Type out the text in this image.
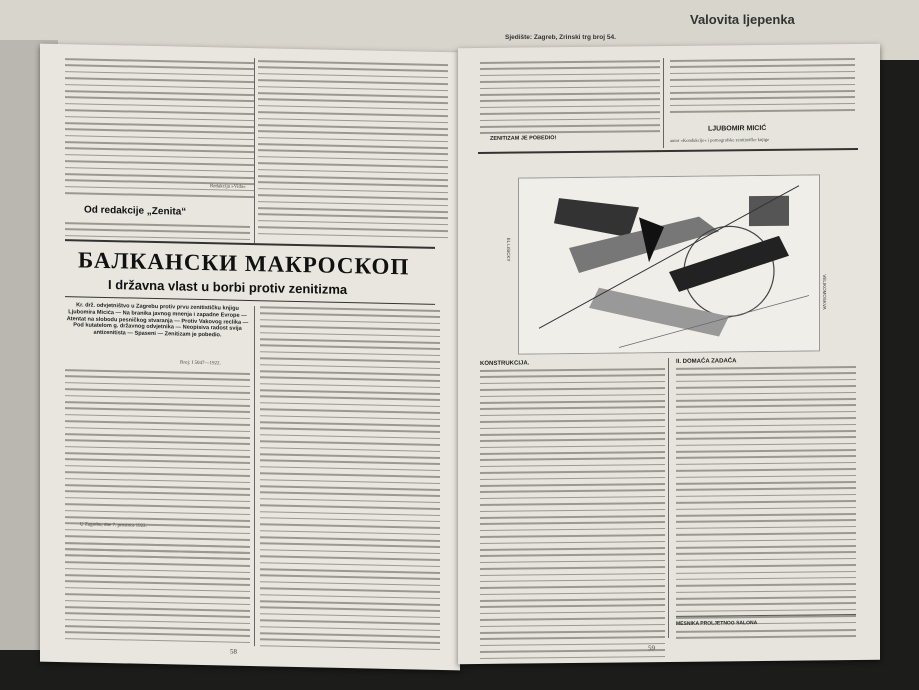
Valovita ljepenka
Sjedište: Zagreb, Zrinski trg broj 54.
Redakcija »Vida«
Od redakcije „Zenita“
БАЛКАНСКИ МАКРОСКОП
I državna vlast u borbi protiv zenitizma
Kr. drž. odvjetništvo u Zagrebu protiv prvu zenitističku knjigu Ljubomira Micića — Na branika javnog mnenja i zapadne Evrope — Atentat na slobodu pesničkog stvaranja — Protiv Vakovog reclika — Pod kutatelom g. državnog odvjetnika — Neopisiva radost svija antizenitista — Spaseni — Zenitizam je pobedio.
Broj: I 5047—1922.
U Zagrebu, dne 7. prosinca 1922.
58
ZENITIZAM JE POBEDIO!
LJUBOMIR MICIĆ
autor »Kondukcije« i pornografske zenitističke knjige
EL LISICKY
VELIKOMOSKVA
KONSTRUKCIJA.	II. DOMAĆA ZADAĆA
MESNIKA PROLJETNOG SALONA
59
